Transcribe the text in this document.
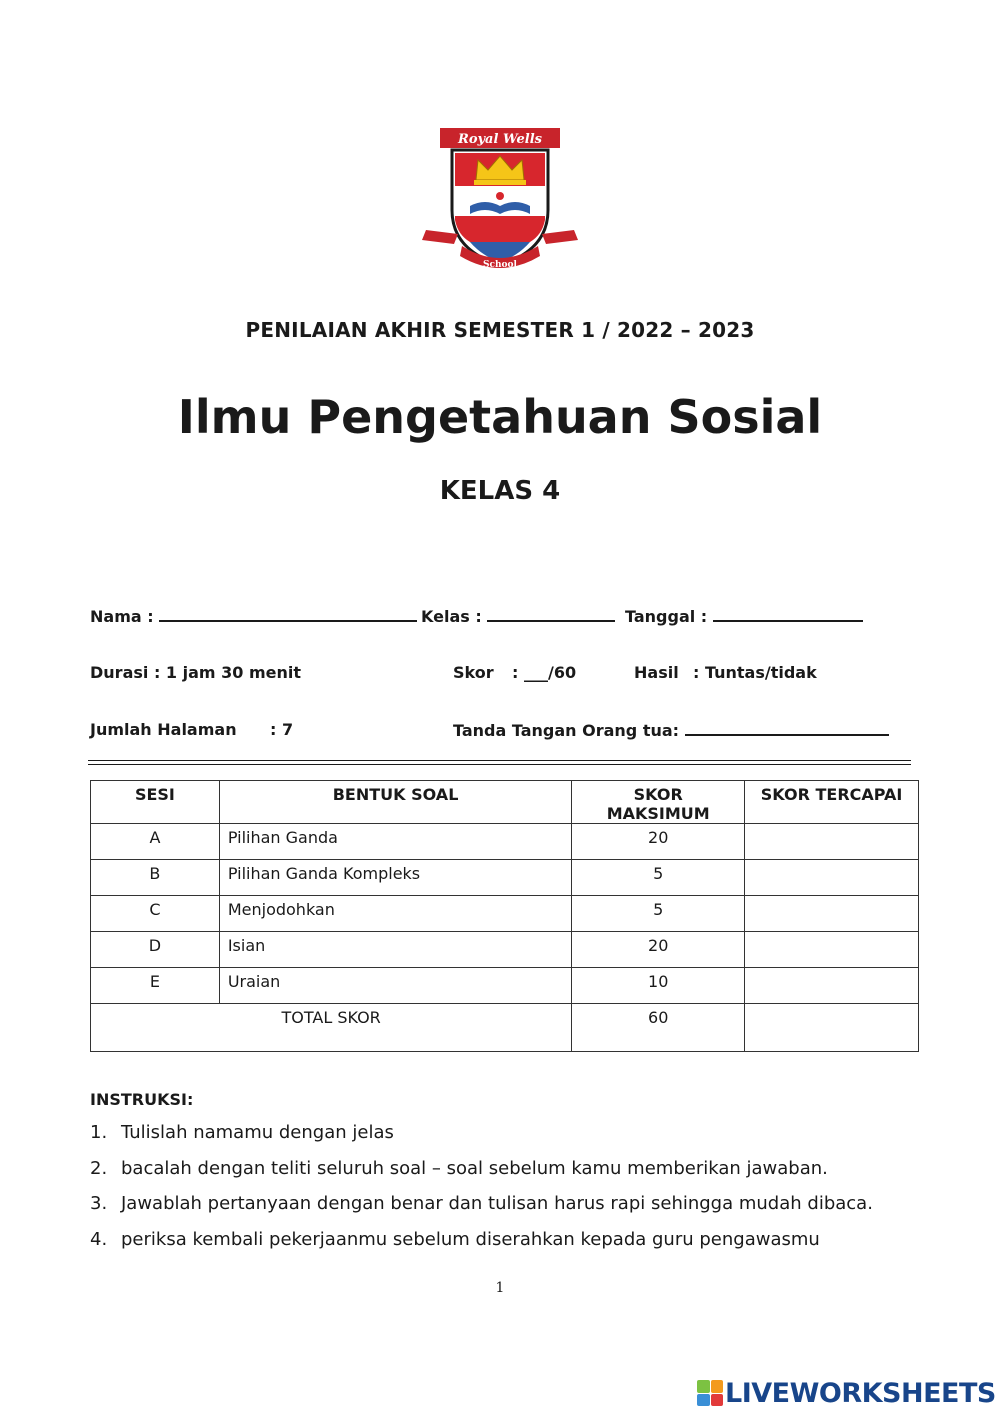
Royal Wells
School
PENILAIAN AKHIR SEMESTER 1 / 2022 – 2023
Ilmu Pengetahuan Sosial
KELAS 4
Nama :	Kelas :	Tanggal :
Durasi : 1 jam 30 menit	Skor : ___/60	Hasil : Tuntas/tidak
Jumlah Halaman : 7	Tanda Tangan Orang tua:
SESI	BENTUK SOAL	SKOR MAKSIMUM	SKOR TERCAPAI
A	Pilihan Ganda	20	
B	Pilihan Ganda Kompleks	5	
C	Menjodohkan	5	
D	Isian	20	
E	Uraian	10	
TOTAL SKOR		60	
INSTRUKSI:
1. Tulislah namamu dengan jelas
2. bacalah dengan teliti seluruh soal – soal sebelum kamu memberikan jawaban.
3. Jawablah pertanyaan dengan benar dan tulisan harus rapi sehingga mudah dibaca.
4. periksa kembali pekerjaanmu sebelum diserahkan kepada guru pengawasmu
1
LIVEWORKSHEETS
